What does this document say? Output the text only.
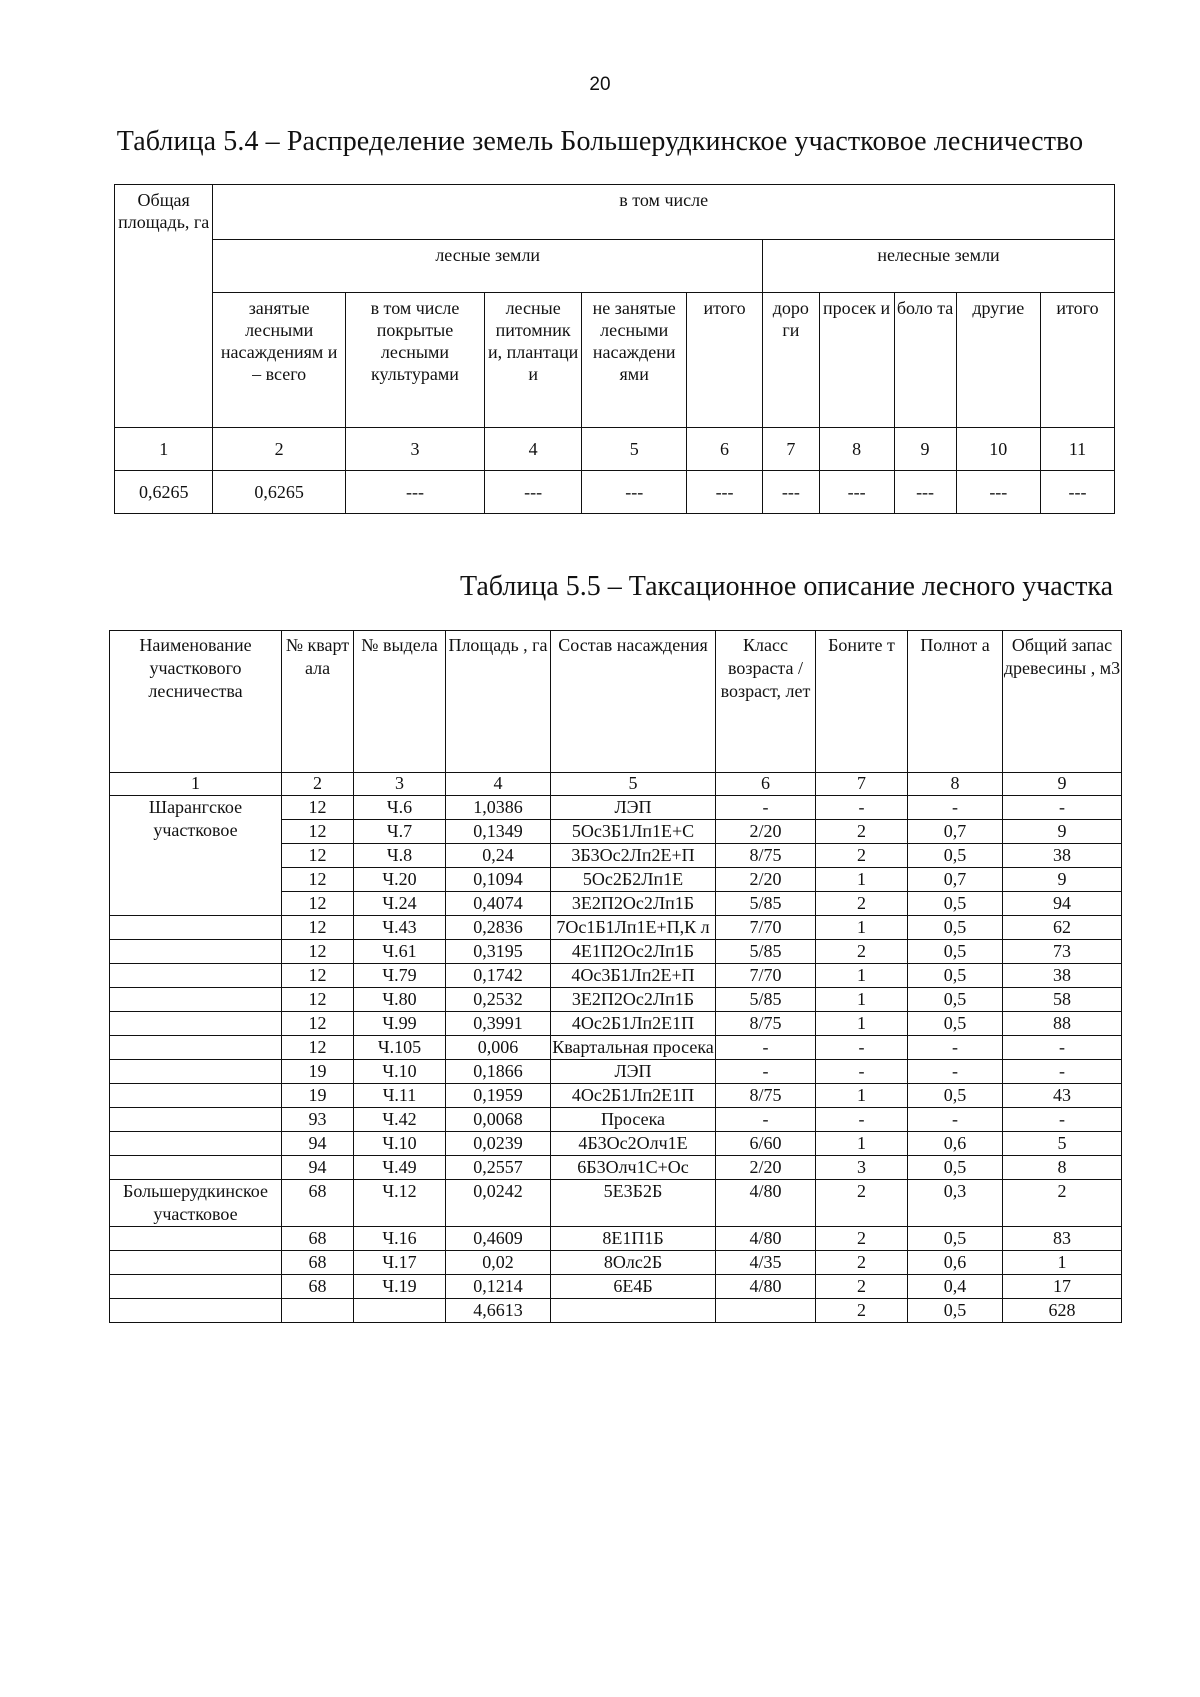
20
Таблица 5.4 – Распределение земель Большерудкинское участковое лесничество
Общая площадь, га	в том числе									
	лесные земли					нелесные земли				
	занятые лесными насаждениям и – всего	в том числе покрытые лесными культурами	лесные питомник и, плантаци и	не занятые лесными насаждени ями	итого	доро ги	просек и	боло та	другие	итого
1	2	3	4	5	6	7	8	9	10	11
0,6265	0,6265	---	---	---	---	---	---	---	---	---
Таблица 5.5 – Таксационное описание лесного участка
Наименование участкового лесничества	№ кварт ала	№ выдела	Площадь , га	Состав насаждения	Класс возраста / возраст, лет	Боните т	Полнот а	Общий запас древесины , м3
1	2	3	4	5	6	7	8	9
Шарангское участковое	12	Ч.6	1,0386	ЛЭП	-	-	-	-
	12	Ч.7	0,1349	5Ос3Б1Лп1Е+С	2/20	2	0,7	9
	12	Ч.8	0,24	3Б3Ос2Лп2Е+П	8/75	2	0,5	38
	12	Ч.20	0,1094	5Ос2Б2Лп1Е	2/20	1	0,7	9
	12	Ч.24	0,4074	3Е2П2Ос2Лп1Б	5/85	2	0,5	94
	12	Ч.43	0,2836	7Ос1Б1Лп1Е+П,К л	7/70	1	0,5	62
	12	Ч.61	0,3195	4Е1П2Ос2Лп1Б	5/85	2	0,5	73
	12	Ч.79	0,1742	4Ос3Б1Лп2Е+П	7/70	1	0,5	38
	12	Ч.80	0,2532	3Е2П2Ос2Лп1Б	5/85	1	0,5	58
	12	Ч.99	0,3991	4Ос2Б1Лп2Е1П	8/75	1	0,5	88
	12	Ч.105	0,006	Квартальная просека	-	-	-	-
	19	Ч.10	0,1866	ЛЭП	-	-	-	-
	19	Ч.11	0,1959	4Ос2Б1Лп2Е1П	8/75	1	0,5	43
	93	Ч.42	0,0068	Просека	-	-	-	-
	94	Ч.10	0,0239	4Б3Ос2Олч1Е	6/60	1	0,6	5
	94	Ч.49	0,2557	6Б3Олч1С+Ос	2/20	3	0,5	8
Большерудкинское участковое	68	Ч.12	0,0242	5Е3Б2Б	4/80	2	0,3	2
	68	Ч.16	0,4609	8Е1П1Б	4/80	2	0,5	83
	68	Ч.17	0,02	8Олс2Б	4/35	2	0,6	1
	68	Ч.19	0,1214	6Е4Б	4/80	2	0,4	17
			4,6613			2	0,5	628
